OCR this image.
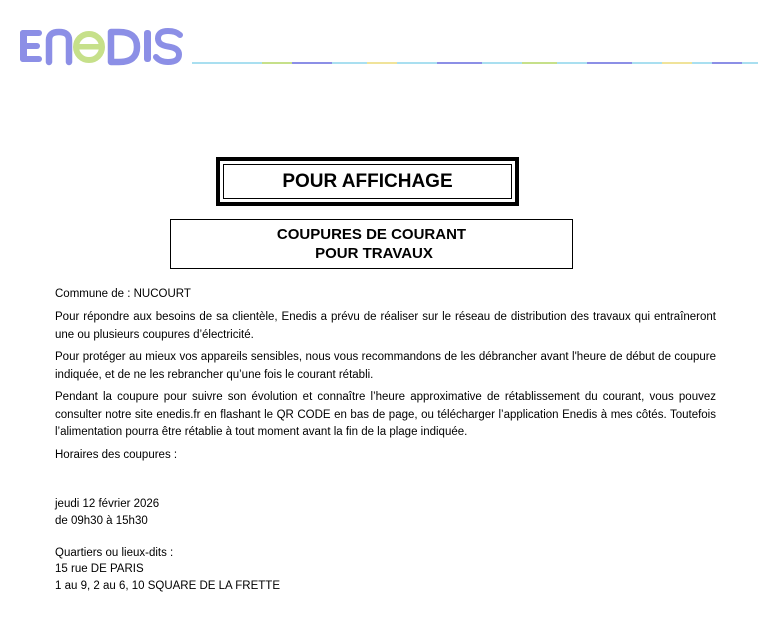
POUR AFFICHAGE
COUPURES DE COURANT
POUR TRAVAUX
Commune de : NUCOURT
Pour répondre aux besoins de sa clientèle, Enedis a prévu de réaliser sur le réseau de distribution des travaux qui entraîneront une ou plusieurs coupures d’électricité.
Pour protéger au mieux vos appareils sensibles, nous vous recommandons de les débrancher avant l'heure de début de coupure indiquée, et de ne les rebrancher qu’une fois le courant rétabli.
Pendant la coupure pour suivre son évolution et connaître l’heure approximative de rétablissement du courant, vous pouvez consulter notre site enedis.fr en flashant le QR CODE en bas de page, ou télécharger l’application Enedis à mes côtés. Toutefois l’alimentation pourra être rétablie à tout moment avant la fin de la plage indiquée.
Horaires des coupures :
jeudi 12 février 2026
de 09h30 à 15h30
Quartiers ou lieux-dits :
15 rue DE PARIS
1 au 9, 2 au 6, 10 SQUARE DE LA FRETTE
